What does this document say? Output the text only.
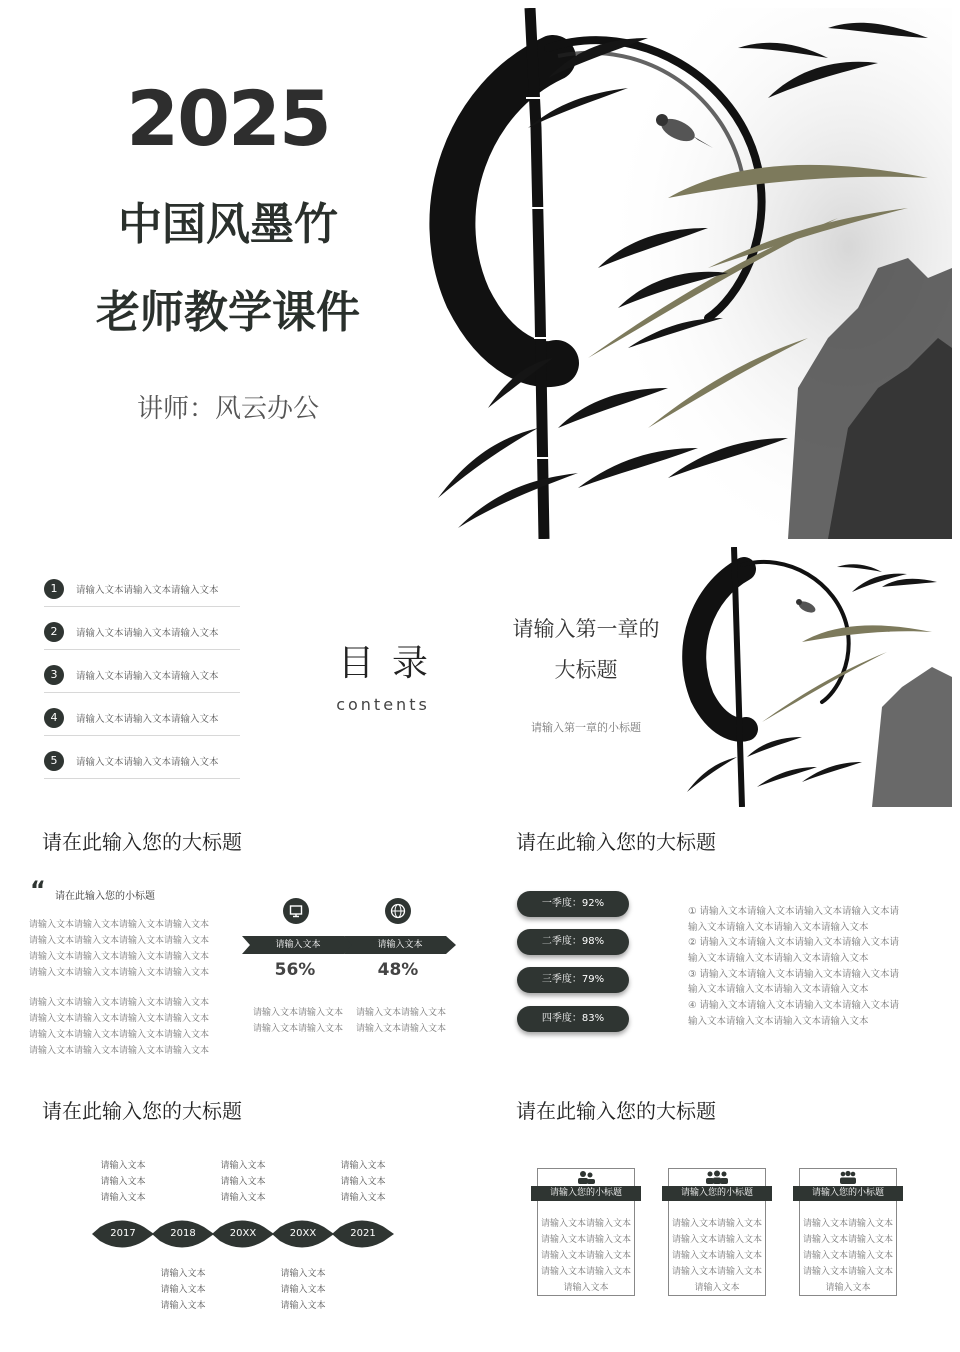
2025
中国风墨竹
老师教学课件
讲师：风云办公
1	请输入文本请输入文本请输入文本
2	请输入文本请输入文本请输入文本
3	请输入文本请输入文本请输入文本
4	请输入文本请输入文本请输入文本
5	请输入文本请输入文本请输入文本
目录
contents
请输入第一章的
大标题
请输入第一章的小标题
请在此输入您的大标题
“ 请在此输入您的小标题
请输入文本请输入文本请输入文本请输入文本
请输入文本请输入文本请输入文本请输入文本
请输入文本请输入文本请输入文本请输入文本
请输入文本请输入文本请输入文本请输入文本
请输入文本请输入文本请输入文本请输入文本
请输入文本请输入文本请输入文本请输入文本
请输入文本请输入文本请输入文本请输入文本
请输入文本请输入文本请输入文本请输入文本
请输入文本
56%
请输入文本请输入文本
请输入文本请输入文本
请输入文本
48%
请输入文本请输入文本
请输入文本请输入文本
请在此输入您的大标题
一季度：92%
二季度：98%
三季度：79%
四季度：83%
① 请输入文本请输入文本请输入文本请输入文本请
输入文本请输入文本请输入文本请输入文本
② 请输入文本请输入文本请输入文本请输入文本请
输入文本请输入文本请输入文本请输入文本
③ 请输入文本请输入文本请输入文本请输入文本请
输入文本请输入文本请输入文本请输入文本
④ 请输入文本请输入文本请输入文本请输入文本请
输入文本请输入文本请输入文本请输入文本
请在此输入您的大标题
请输入文本
请输入文本
请输入文本
请输入文本
请输入文本
请输入文本
请输入文本
请输入文本
请输入文本
2017	2018	20XX	20XX	2021
请输入文本
请输入文本
请输入文本
请输入文本
请输入文本
请输入文本
请在此输入您的大标题
请输入您的小标题
请输入文本请输入文本
请输入文本请输入文本
请输入文本请输入文本
请输入文本请输入文本
请输入文本
请输入您的小标题
请输入文本请输入文本
请输入文本请输入文本
请输入文本请输入文本
请输入文本请输入文本
请输入文本
请输入您的小标题
请输入文本请输入文本
请输入文本请输入文本
请输入文本请输入文本
请输入文本请输入文本
请输入文本
